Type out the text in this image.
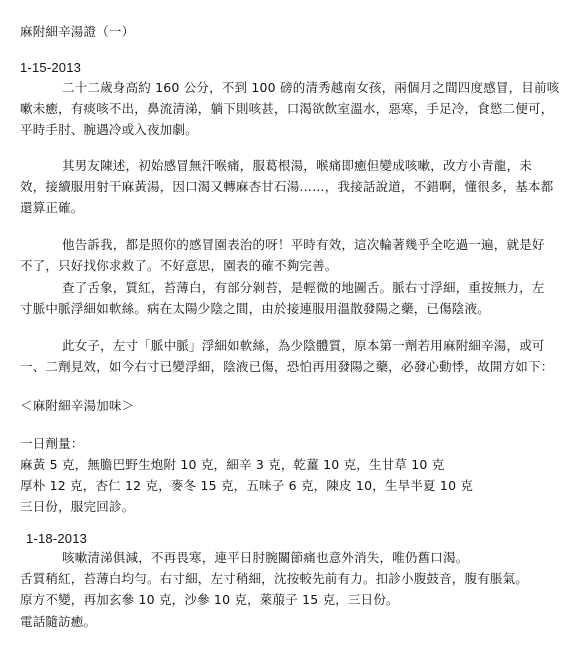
麻附細辛湯證（一）
1-15-2013
二十二歲身高約 160 公分，不到 100 磅的清秀越南女孩，兩個月之間四度感冒，目前咳
嗽未癒，有痰咳不出，鼻流清涕，躺下則咳甚，口渴欲飲室溫水，惡寒，手足冷，食慾二便可，
平時手肘、腕遇冷或入夜加劇。
其男友陳述，初始感冒無汗喉痛，服葛根湯，喉痛即癒但變成咳嗽，改方小青龍，未
效，接續服用射干麻黃湯，因口渴又轉麻杏甘石湯……，我接話說道，不錯啊，懂很多，基本都
還算正確。
他告訴我，都是照你的感冒園表治的呀！平時有效，這次輪著幾乎全吃過一遍，就是好
不了，只好找你求救了。不好意思，園表的確不夠完善。
查了舌象，質紅，苔薄白，有部分剝苔，是輕微的地圖舌。脈右寸浮細，重按無力，左
寸脈中脈浮細如軟絲。病在太陽少陰之間，由於接連服用溫散發陽之藥，已傷陰液。
此女子，左寸「脈中脈」浮細如軟絲，為少陰體質，原本第一劑若用麻附細辛湯，或可
一、二劑見效，如今右寸已變浮細，陰液已傷，恐怕再用發陽之藥，必發心動悸，故開方如下：
＜麻附細辛湯加味＞
一日劑量：
麻黃 5 克，無膽巴野生炮附 10 克，細辛 3 克，乾薑 10 克，生甘草 10 克
厚朴 12 克，杏仁 12 克，麥冬 15 克，五味子 6 克，陳皮 10，生旱半夏 10 克
三日份，服完回診。
1-18-2013
咳嗽清涕俱減，不再畏寒，連平日肘腕關節痛也意外消失，唯仍舊口渴。
舌質稍紅，苔薄白均勻。右寸細，左寸稍細，沈按較先前有力。扣診小腹鼓音，腹有脹氣。
原方不變，再加玄參 10 克，沙參 10 克，萊菔子 15 克，三日份。
電話隨訪癒。
